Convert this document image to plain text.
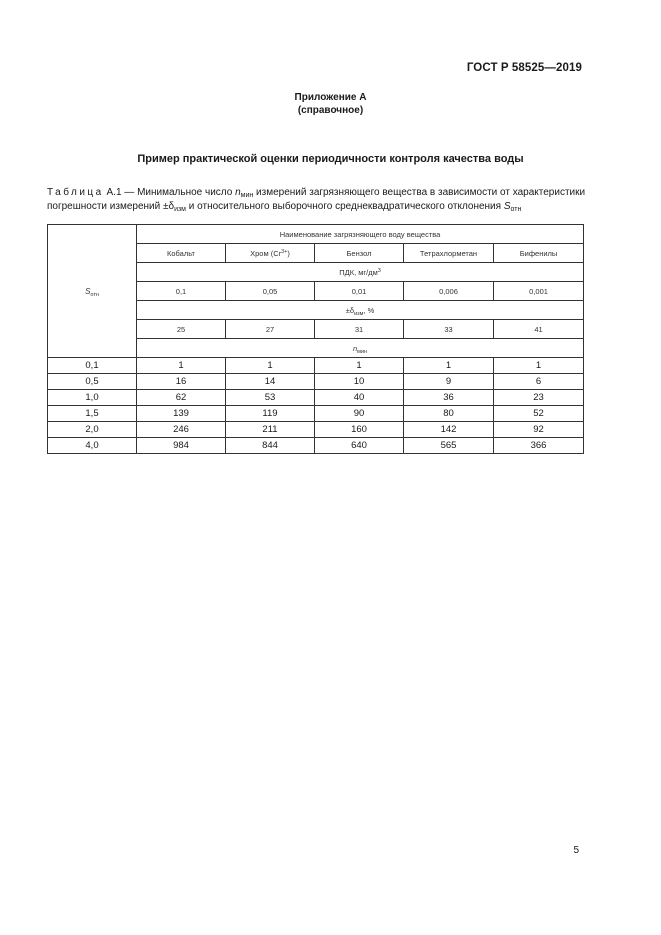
ГОСТ Р 58525—2019
Приложение А
(справочное)
Пример практической оценки периодичности контроля качества воды
Таблица А.1 — Минимальное число $n_{мин}$ измерений загрязняющего вещества в зависимости от характеристики
погрешности измерений $\pm\delta_{изм}$ и относительного выборочного среднеквадратического отклонения $S_{отн}$
$S_{отн}$	Наименование загрязняющего воду вещества				
	Кобальт	Хром $(Cr^{3+})$	Бензол	Тетрахлорметан	Бифенилы
	ПДК, $мг/дм^3$
	0,1	0,05	0,01	0,006	0,001
	$\pm\delta_{изм}$, %				
	25	27	31	33	41
	$n_{мин}$
0,1	1	1	1	1	1
0,5	16	14	10	9	6
1,0	62	53	40	36	23
1,5	139	119	90	80	52
2,0	246	211	160	142	92
4,0	984	844	640	565	366
5
